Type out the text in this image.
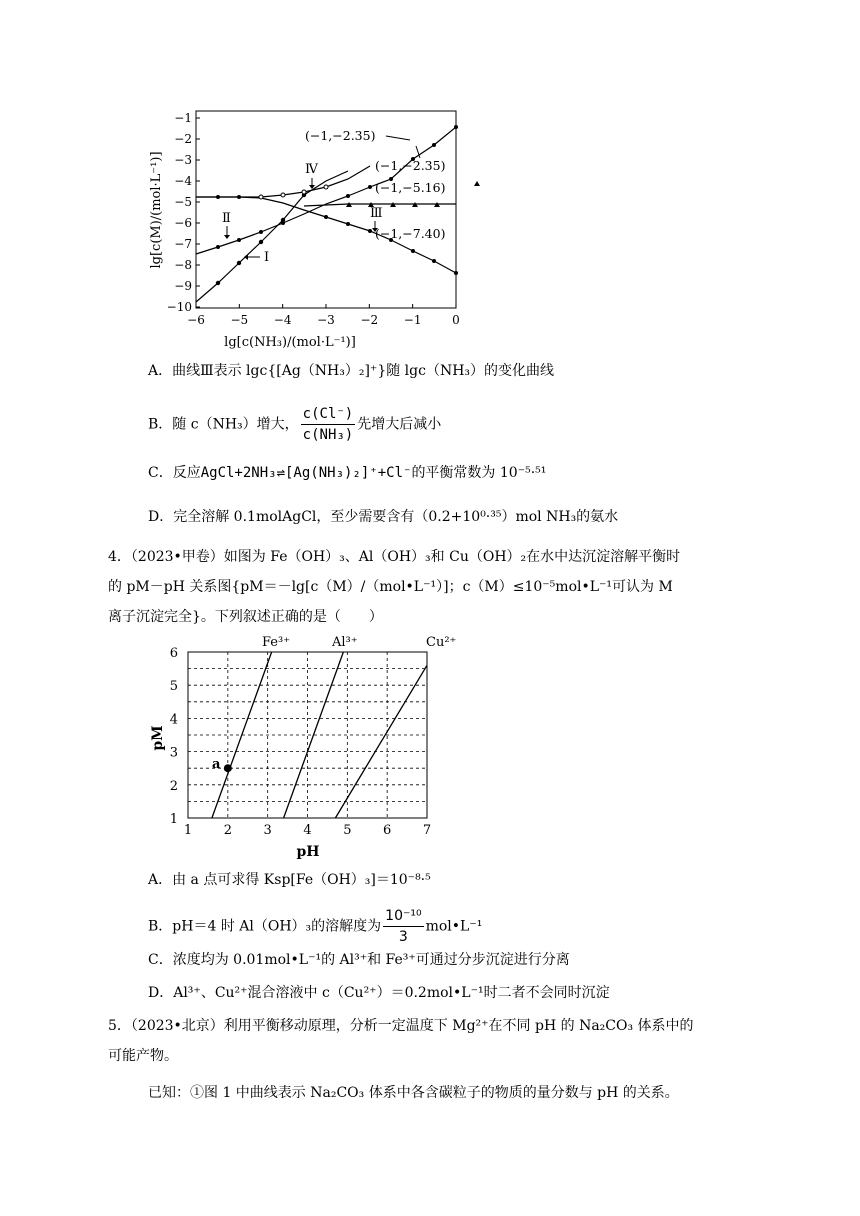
−1
−2
−3
−4
−5
−6
−7
−8
−9
−10
−6 −5 −4 −3 −2 −1	0
Ⅳ
Ⅱ
Ⅰ
Ⅲ
(−1,−2.35)
(−1,−2.35)
(−1,−5.16)
(−1,−7.40)
lg[c(NH₃)/(mol·L⁻¹)]
lg[c(M)/(mol·L⁻¹)]
A．曲线Ⅲ表示 lgc{[Ag（NH₃）₂]⁺}随 lgc（NH₃）的变化曲线
B．随 c（NH₃）增大， $\frac{c(Cl^-)}{\text{c(NH₃)}}$ 先增大后减小
C．反应AgCl+2NH₃⇌[Ag(NH₃)₂]⁺+Cl⁻的平衡常数为 10⁻⁵·⁵¹
D．完全溶解 0.1molAgCl，至少需要含有（0.2+10⁰·³⁵）mol NH₃的氨水
4．（2023•甲卷）如图为 Fe（OH）₃、Al（OH）₃和 Cu（OH）₂在水中达沉淀溶解平衡时
的 pM－pH 关系图{pM＝－lg[c（M）/（mol•L⁻¹）]；c（M）≤10⁻⁵mol•L⁻¹可认为 M
离子沉淀完全}。下列叙述正确的是（　　）
1 2 3 4 5 6 7
1
2
3
4
5
6
Fe³⁺	Al³⁺	Cu²⁺
a
pH
pM
A．由 a 点可求得 Ksp[Fe（OH）₃]＝10⁻⁸·⁵
B．pH＝4 时 Al（OH）₃的溶解度为 $\frac{\text{10⁻¹⁰}}{3}$ mol•L⁻¹
C．浓度均为 0.01mol•L⁻¹的 Al³⁺和 Fe³⁺可通过分步沉淀进行分离
D．Al³⁺、Cu²⁺混合溶液中 c（Cu²⁺）＝0.2mol•L⁻¹时二者不会同时沉淀
5．（2023•北京）利用平衡移动原理，分析一定温度下 Mg²⁺在不同 pH 的 Na₂CO₃ 体系中的
可能产物。
已知：①图 1 中曲线表示 Na₂CO₃ 体系中各含碳粒子的物质的量分数与 pH 的关系。
